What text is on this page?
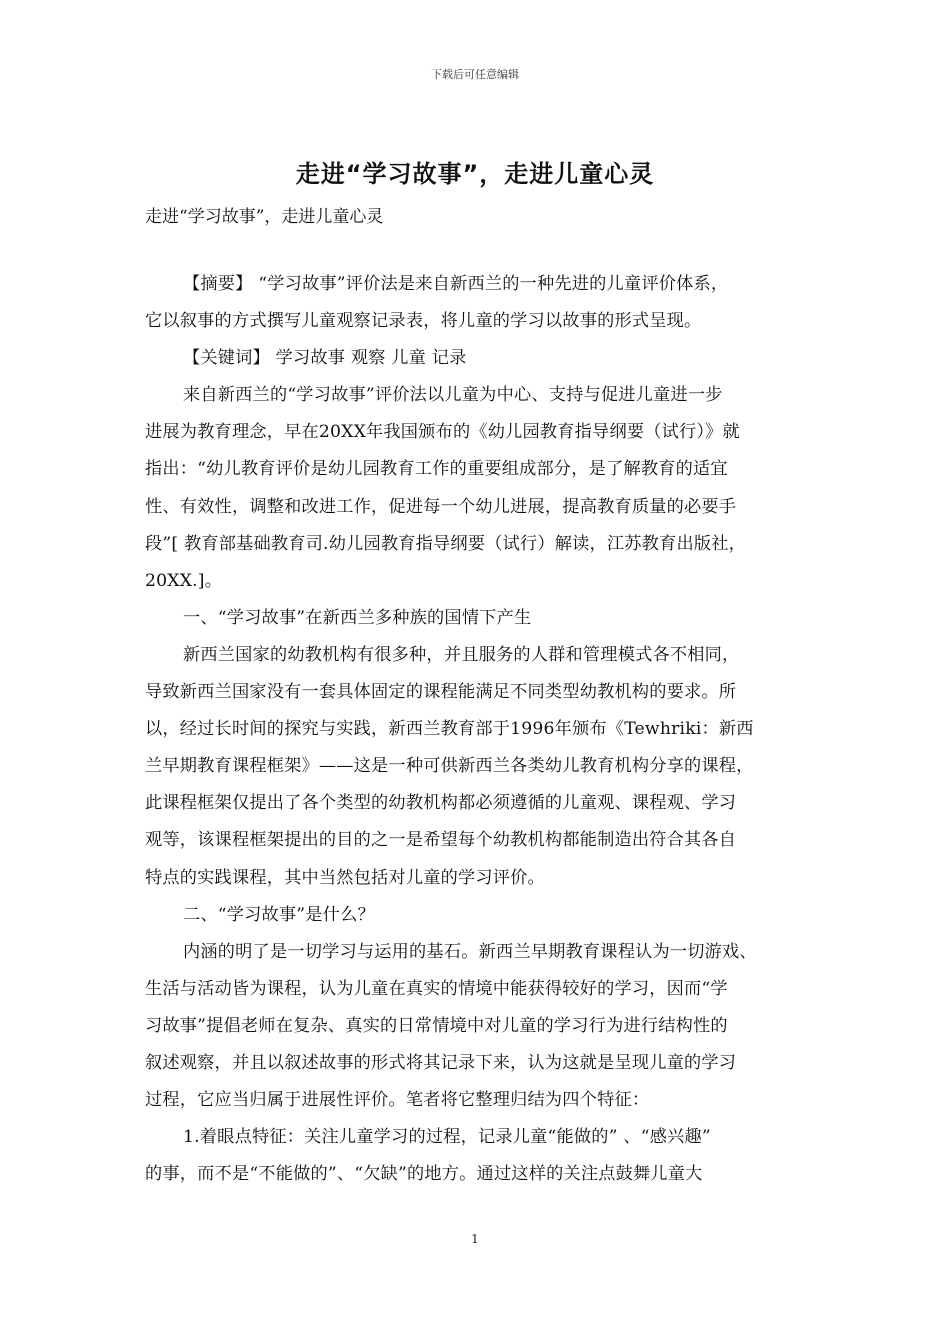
下载后可任意编辑
走进“学习故事”，走进儿童心灵
走进“学习故事”，走进儿童心灵
【摘要】 “学习故事”评价法是来自新西兰的一种先进的儿童评价体系，
它以叙事的方式撰写儿童观察记录表，将儿童的学习以故事的形式呈现。
【关键词】 学习故事 观察 儿童 记录
来自新西兰的“学习故事”评价法以儿童为中心、支持与促进儿童进一步
进展为教育理念，早在20XX年我国颁布的《幼儿园教育指导纲要（试行）》就
指出：“幼儿教育评价是幼儿园教育工作的重要组成部分，是了解教育的适宜
性、有效性，调整和改进工作，促进每一个幼儿进展，提高教育质量的必要手
段”[ 教育部基础教育司.幼儿园教育指导纲要（试行）解读，江苏教育出版社，
20XX.]。
一、“学习故事”在新西兰多种族的国情下产生
新西兰国家的幼教机构有很多种，并且服务的人群和管理模式各不相同，
导致新西兰国家没有一套具体固定的课程能满足不同类型幼教机构的要求。所
以，经过长时间的探究与实践，新西兰教育部于1996年颁布《Tewhriki：新西
兰早期教育课程框架》——这是一种可供新西兰各类幼儿教育机构分享的课程，
此课程框架仅提出了各个类型的幼教机构都必须遵循的儿童观、课程观、学习
观等，该课程框架提出的目的之一是希望每个幼教机构都能制造出符合其各自
特点的实践课程，其中当然包括对儿童的学习评价。
二、“学习故事”是什么？
内涵的明了是一切学习与运用的基石。新西兰早期教育课程认为一切游戏、
生活与活动皆为课程，认为儿童在真实的情境中能获得较好的学习，因而“学
习故事”提倡老师在复杂、真实的日常情境中对儿童的学习行为进行结构性的
叙述观察，并且以叙述故事的形式将其记录下来，认为这就是呈现儿童的学习
过程，它应当归属于进展性评价。笔者将它整理归结为四个特征：
1.着眼点特征：关注儿童学习的过程，记录儿童“能做的” 、“感兴趣”
的事，而不是“不能做的”、“欠缺”的地方。通过这样的关注点鼓舞儿童大
1
